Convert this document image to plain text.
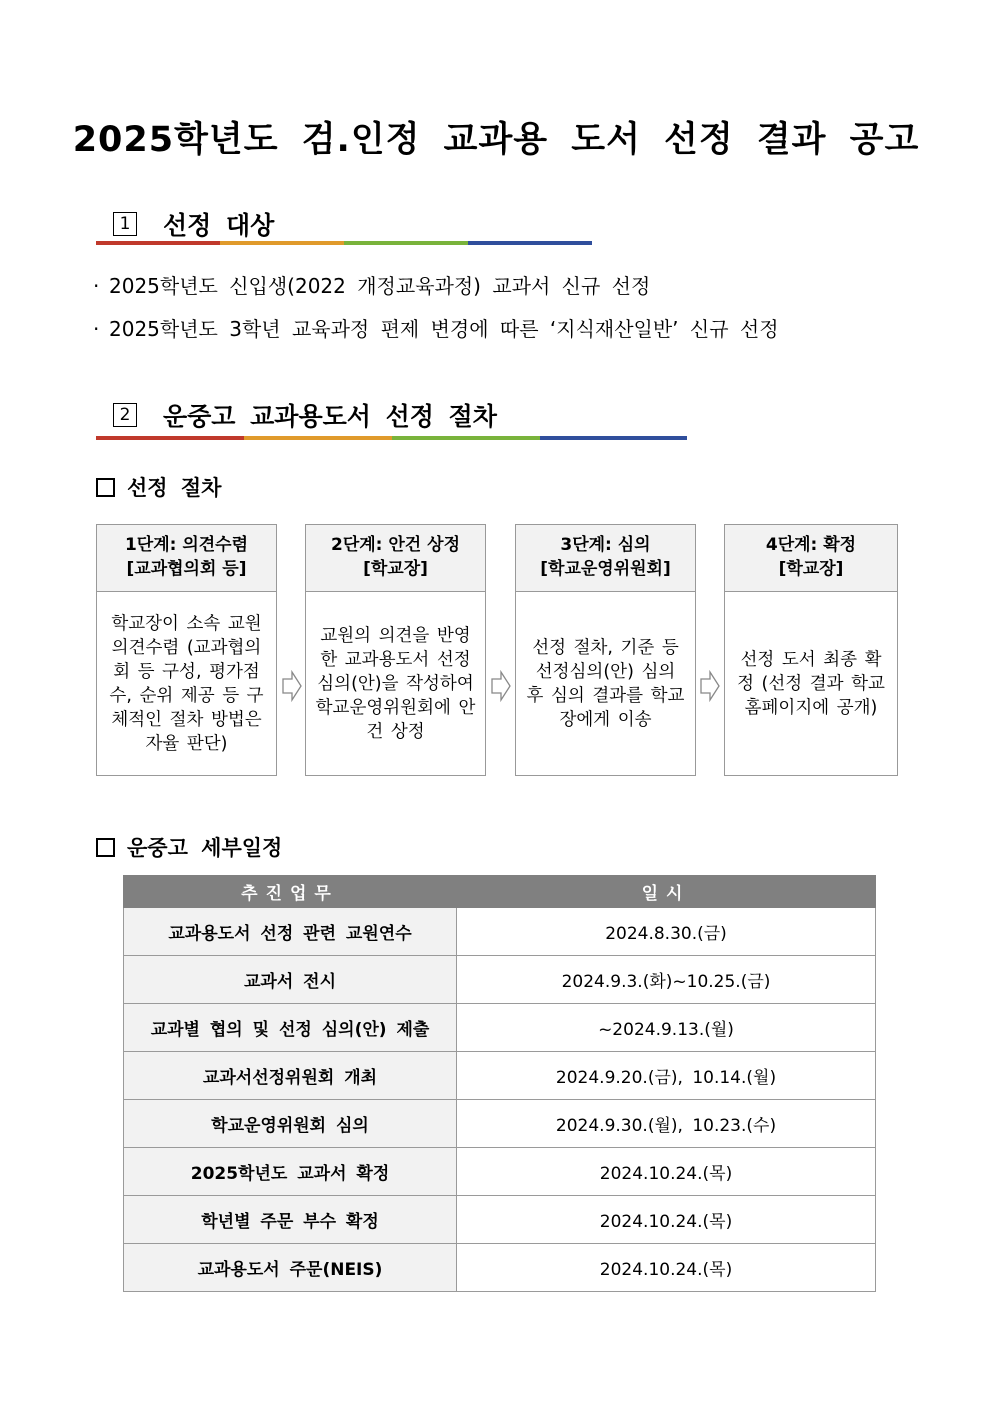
2025학년도 검.인정 교과용 도서 선정 결과 공고
1 선정 대상
· 2025학년도 신입생(2022 개정교육과정) 교과서 신규 선정
· 2025학년도 3학년 교육과정 편제 변경에 따른 ‘지식재산일반’ 신규 선정
2 운중고 교과용도서 선정 절차
선정 절차
1단계: 의견수렴
[교과협의회 등]
학교장이 소속 교원 의견수렴 (교과협의회 등 구성, 평가점수, 순위 제공 등 구체적인 절차 방법은 자율 판단)
2단계: 안건 상정
[학교장]
교원의 의견을 반영한 교과용도서 선정심의(안)을 작성하여 학교운영위원회에 안건 상정
3단계: 심의
[학교운영위원회]
선정 절차, 기준 등 선정심의(안) 심의 후 심의 결과를 학교장에게 이송
4단계: 확정
[학교장]
선정 도서 최종 확정 (선정 결과 학교 홈페이지에 공개)
운중고 세부일정
추진업무	일시
교과용도서 선정 관련 교원연수	2024.8.30.(금)
교과서 전시	2024.9.3.(화)~10.25.(금)
교과별 협의 및 선정 심의(안) 제출	~2024.9.13.(월)
교과서선정위원회 개최	2024.9.20.(금), 10.14.(월)
학교운영위원회 심의	2024.9.30.(월), 10.23.(수)
2025학년도 교과서 확정	2024.10.24.(목)
학년별 주문 부수 확정	2024.10.24.(목)
교과용도서 주문(NEIS)	2024.10.24.(목)
